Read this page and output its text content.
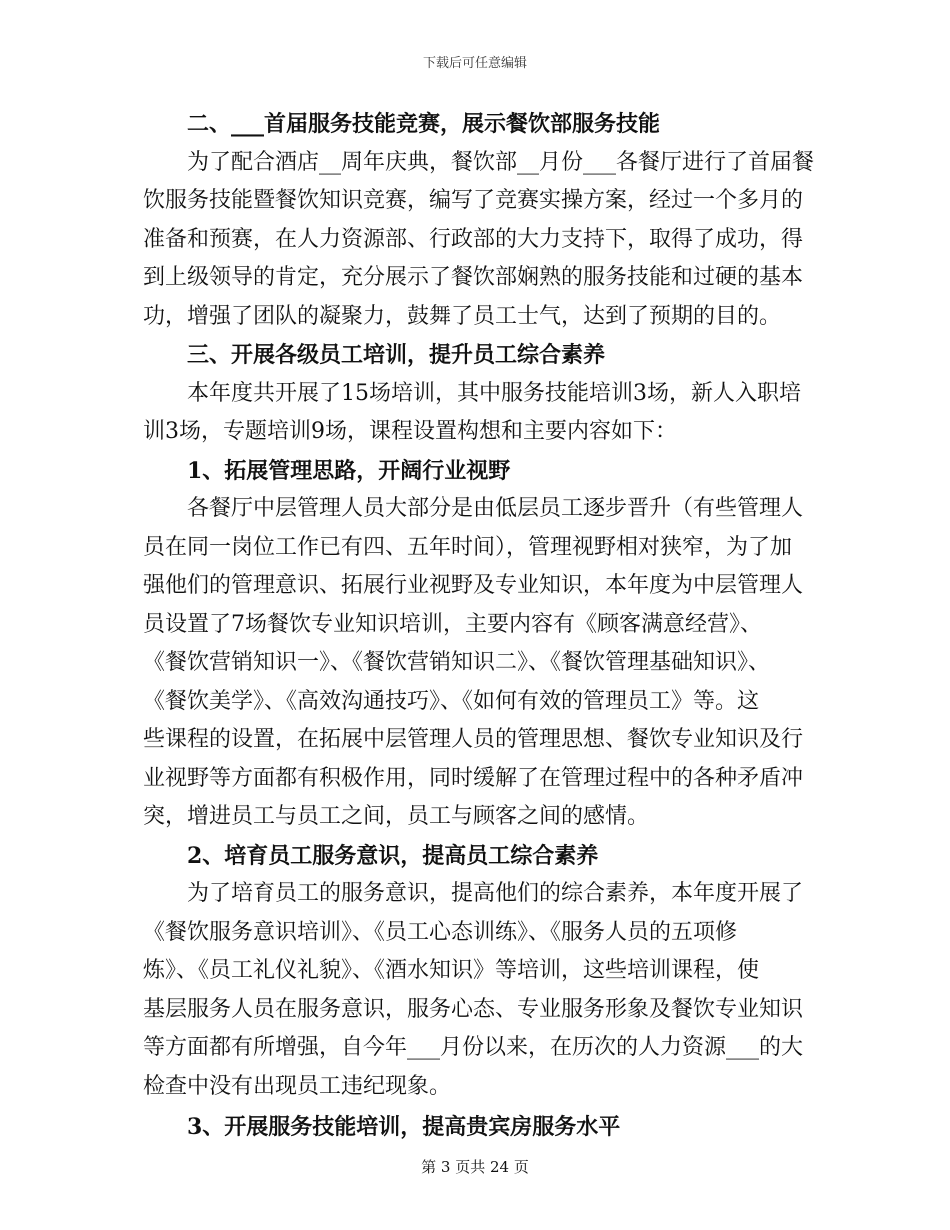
下载后可任意编辑
二、___首届服务技能竞赛，展示餐饮部服务技能
为了配合酒店__周年庆典，餐饮部__月份___各餐厅进行了首届餐
饮服务技能暨餐饮知识竞赛，编写了竞赛实操方案，经过一个多月的
准备和预赛，在人力资源部、行政部的大力支持下，取得了成功，得
到上级领导的肯定，充分展示了餐饮部娴熟的服务技能和过硬的基本
功，增强了团队的凝聚力，鼓舞了员工士气，达到了预期的目的。
三、开展各级员工培训，提升员工综合素养
本年度共开展了15场培训，其中服务技能培训3场，新人入职培
训3场，专题培训9场，课程设置构想和主要内容如下：
1、拓展管理思路，开阔行业视野
各餐厅中层管理人员大部分是由低层员工逐步晋升（有些管理人
员在同一岗位工作已有四、五年时间），管理视野相对狭窄，为了加
强他们的管理意识、拓展行业视野及专业知识，本年度为中层管理人
员设置了7场餐饮专业知识培训，主要内容有《顾客满意经营》、
《餐饮营销知识一》、《餐饮营销知识二》、《餐饮管理基础知识》、
《餐饮美学》、《高效沟通技巧》、《如何有效的管理员工》等。这
些课程的设置，在拓展中层管理人员的管理思想、餐饮专业知识及行
业视野等方面都有积极作用，同时缓解了在管理过程中的各种矛盾冲
突，增进员工与员工之间，员工与顾客之间的感情。
2、培育员工服务意识，提高员工综合素养
为了培育员工的服务意识，提高他们的综合素养，本年度开展了
《餐饮服务意识培训》、《员工心态训练》、《服务人员的五项修
炼》、《员工礼仪礼貌》、《酒水知识》等培训，这些培训课程，使
基层服务人员在服务意识，服务心态、专业服务形象及餐饮专业知识
等方面都有所增强，自今年___月份以来，在历次的人力资源___的大
检查中没有出现员工违纪现象。
3、开展服务技能培训，提高贵宾房服务水平
第 3 页共 24 页
